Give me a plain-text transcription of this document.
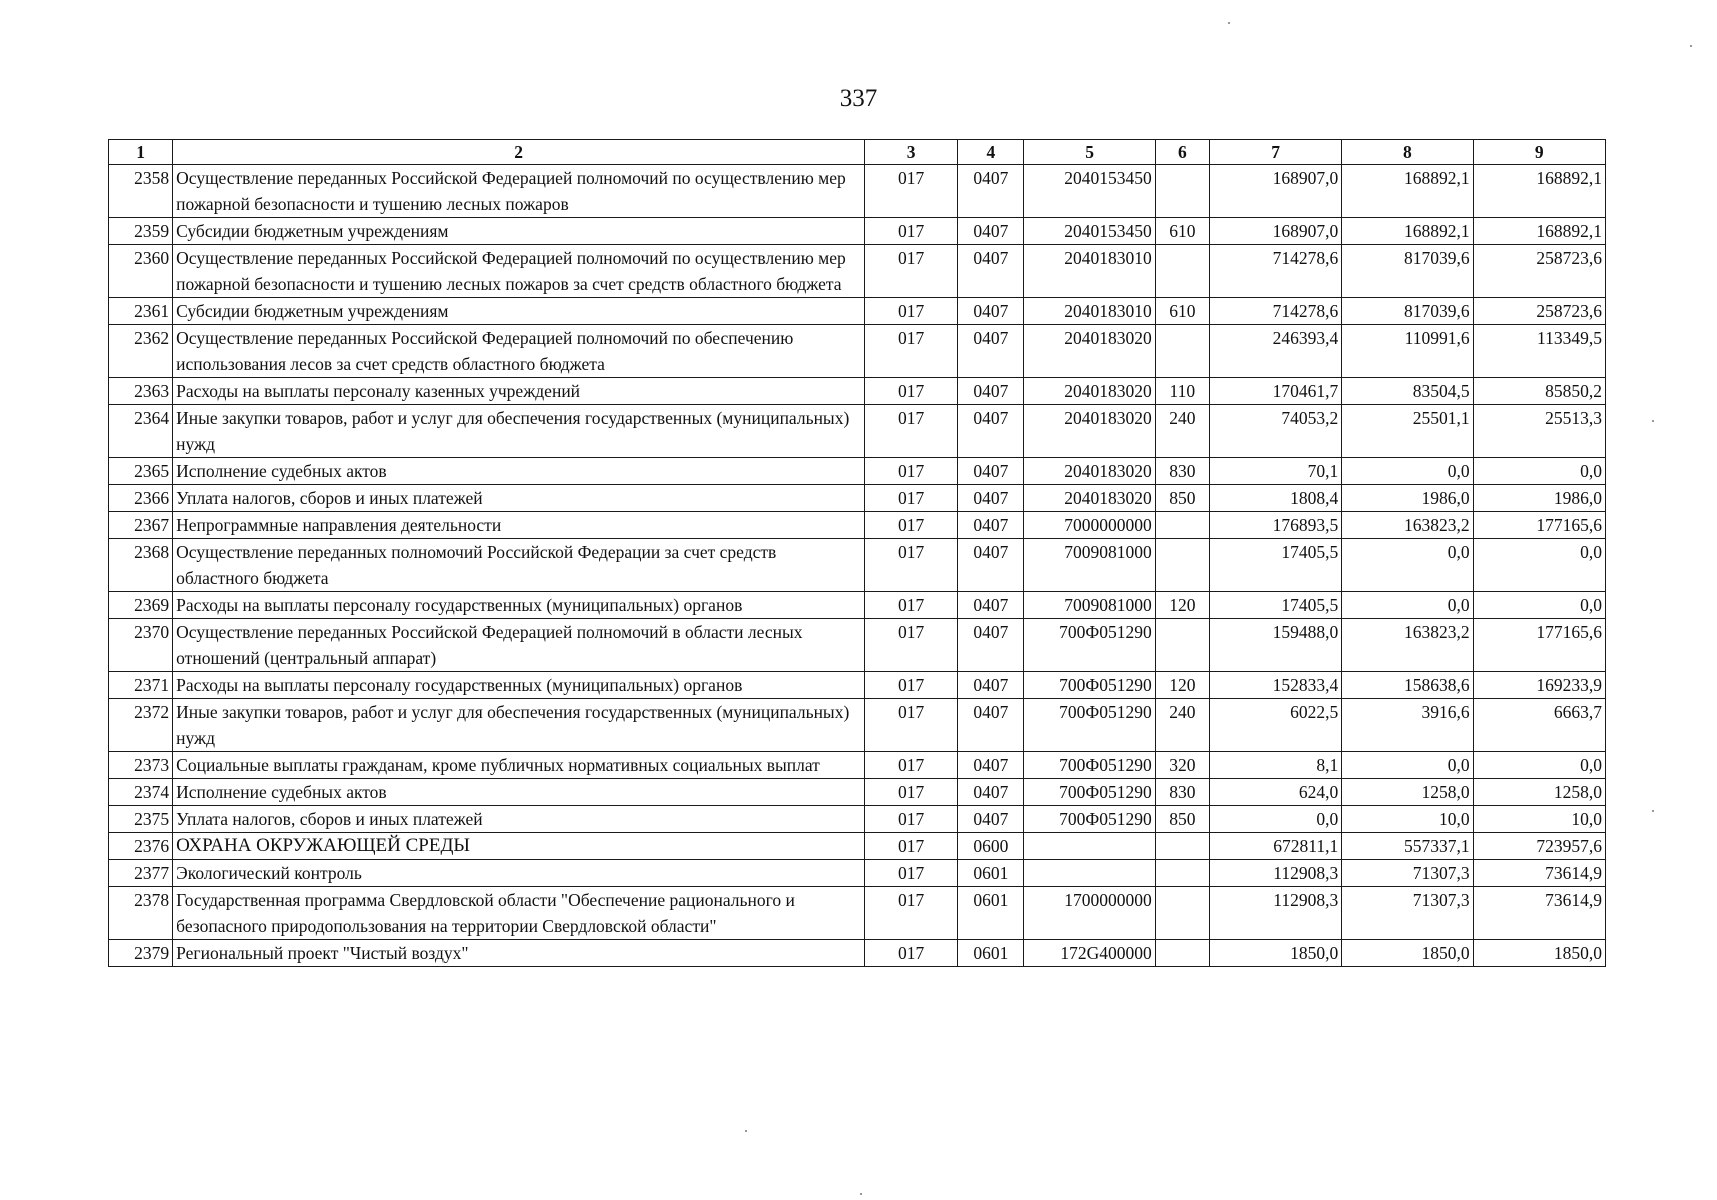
337
1	2	3	4	5	6	7	8	9
2358	Осуществление переданных Российской Федерацией полномочий по осуществлению мер пожарной безопасности и тушению лесных пожаров	017	0407	2040153450		168907,0	168892,1	168892,1
2359	Субсидии бюджетным учреждениям	017	0407	2040153450	610	168907,0	168892,1	168892,1
2360	Осуществление переданных Российской Федерацией полномочий по осуществлению мер пожарной безопасности и тушению лесных пожаров за счет средств областного бюджета	017	0407	2040183010		714278,6	817039,6	258723,6
2361	Субсидии бюджетным учреждениям	017	0407	2040183010	610	714278,6	817039,6	258723,6
2362	Осуществление переданных Российской Федерацией полномочий по обеспечению использования лесов за счет средств областного бюджета	017	0407	2040183020		246393,4	110991,6	113349,5
2363	Расходы на выплаты персоналу казенных учреждений	017	0407	2040183020	110	170461,7	83504,5	85850,2
2364	Иные закупки товаров, работ и услуг для обеспечения государственных (муниципальных) нужд	017	0407	2040183020	240	74053,2	25501,1	25513,3
2365	Исполнение судебных актов	017	0407	2040183020	830	70,1	0,0	0,0
2366	Уплата налогов, сборов и иных платежей	017	0407	2040183020	850	1808,4	1986,0	1986,0
2367	Непрограммные направления деятельности	017	0407	7000000000		176893,5	163823,2	177165,6
2368	Осуществление переданных полномочий Российской Федерации за счет средств областного бюджета	017	0407	7009081000		17405,5	0,0	0,0
2369	Расходы на выплаты персоналу государственных (муниципальных) органов	017	0407	7009081000	120	17405,5	0,0	0,0
2370	Осуществление переданных Российской Федерацией полномочий в области лесных отношений (центральный аппарат)	017	0407	700Ф051290		159488,0	163823,2	177165,6
2371	Расходы на выплаты персоналу государственных (муниципальных) органов	017	0407	700Ф051290	120	152833,4	158638,6	169233,9
2372	Иные закупки товаров, работ и услуг для обеспечения государственных (муниципальных) нужд	017	0407	700Ф051290	240	6022,5	3916,6	6663,7
2373	Социальные выплаты гражданам, кроме публичных нормативных социальных выплат	017	0407	700Ф051290	320	8,1	0,0	0,0
2374	Исполнение судебных актов	017	0407	700Ф051290	830	624,0	1258,0	1258,0
2375	Уплата налогов, сборов и иных платежей	017	0407	700Ф051290	850	0,0	10,0	10,0
2376	ОХРАНА ОКРУЖАЮЩЕЙ СРЕДЫ	017	0600			672811,1	557337,1	723957,6
2377	Экологический контроль	017	0601			112908,3	71307,3	73614,9
2378	Государственная программа Свердловской области "Обеспечение рационального и безопасного природопользования на территории Свердловской области"	017	0601	1700000000		112908,3	71307,3	73614,9
2379	Региональный проект "Чистый воздух"	017	0601	172G400000		1850,0	1850,0	1850,0
